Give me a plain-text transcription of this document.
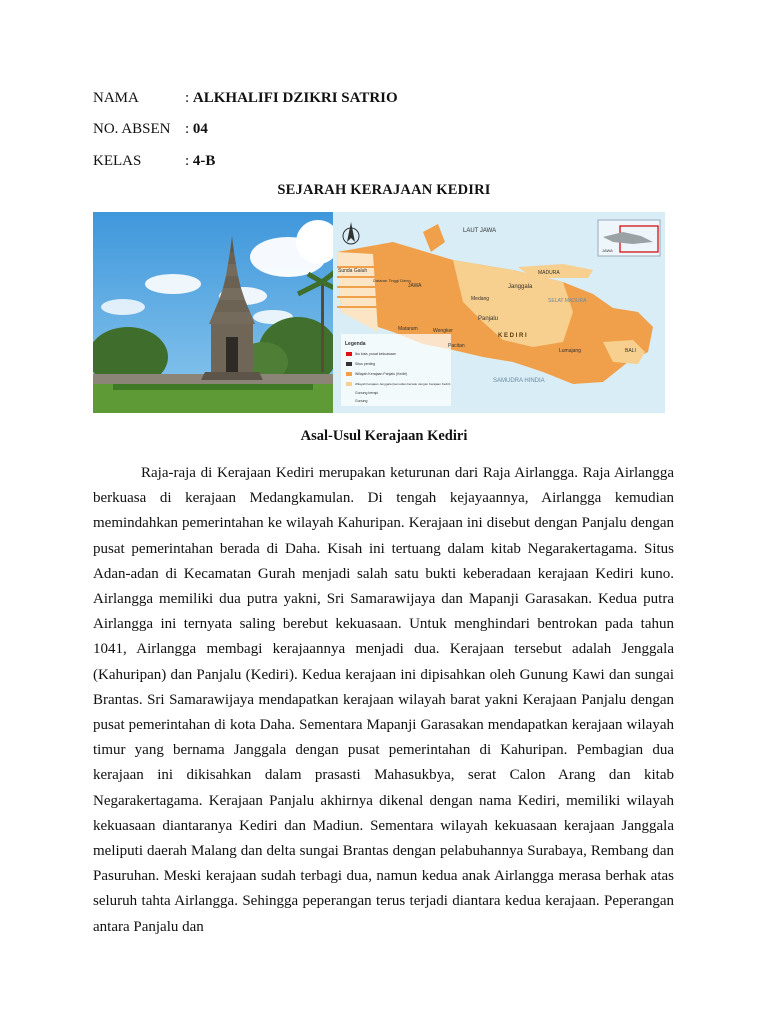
NAMA	: ALKHALIFI DZIKRI SATRIO
NO. ABSEN : 04
KELAS	: 4-B
SEJARAH KERAJAAN KEDIRI
LAUT JAWA
SAMUDRA HINDIA
SELAT MADURA
MADURA
BALI
JAWA
K E D I R I
Panjalu
Janggala
Medang
Sunda Galuh
Lumajang
Pacitan
Wengker
Mataram
Dataran Tinggi Dieng
Legenda
Ibu kota, pusat kekuasaan
Situs penting
Wilayah Kerajaan Panjalu (Kediri)
Wilayah Kerajaan Jenggala (kemudian bersatu dengan Kerajaan Kediri)
Gunung berapi
Gunung
JAWA
Asal-Usul Kerajaan Kediri

Raja-raja di Kerajaan Kediri merupakan keturunan dari Raja Airlangga. Raja Airlangga berkuasa di kerajaan Medangkamulan. Di tengah kejayaannya, Airlangga kemudian memindahkan pemerintahan ke wilayah Kahuripan. Kerajaan ini disebut dengan Panjalu dengan pusat pemerintahan berada di Daha. Kisah ini tertuang dalam kitab Negarakertagama. Situs Adan-adan di Kecamatan Gurah menjadi salah satu bukti keberadaan kerajaan Kediri kuno. Airlangga memiliki dua putra yakni, Sri Samarawijaya dan Mapanji Garasakan. Kedua putra Airlangga ini ternyata saling berebut kekuasaan. Untuk menghindari bentrokan pada tahun 1041, Airlangga membagi kerajaannya menjadi dua. Kerajaan tersebut adalah Jenggala (Kahuripan) dan Panjalu (Kediri). Kedua kerajaan ini dipisahkan oleh Gunung Kawi dan sungai Brantas. Sri Samarawijaya mendapatkan kerajaan wilayah barat yakni Kerajaan Panjalu dengan pusat pemerintahan di kota Daha. Sementara Mapanji Garasakan mendapatkan kerajaan wilayah timur yang bernama Janggala dengan pusat pemerintahan di Kahuripan. Pembagian dua kerajaan ini dikisahkan dalam prasasti Mahasukbya, serat Calon Arang dan kitab Negarakertagama. Kerajaan Panjalu akhirnya dikenal dengan nama Kediri, memiliki wilayah kekuasaan diantaranya Kediri dan Madiun. Sementara wilayah kekuasaan kerajaan Janggala meliputi daerah Malang dan delta sungai Brantas dengan pelabuhannya Surabaya, Rembang dan Pasuruhan. Meski kerajaan sudah terbagi dua, namun kedua anak Airlangga merasa berhak atas seluruh tahta Airlangga. Sehingga peperangan terus terjadi diantara kedua kerajaan. Peperangan antara Panjalu dan
